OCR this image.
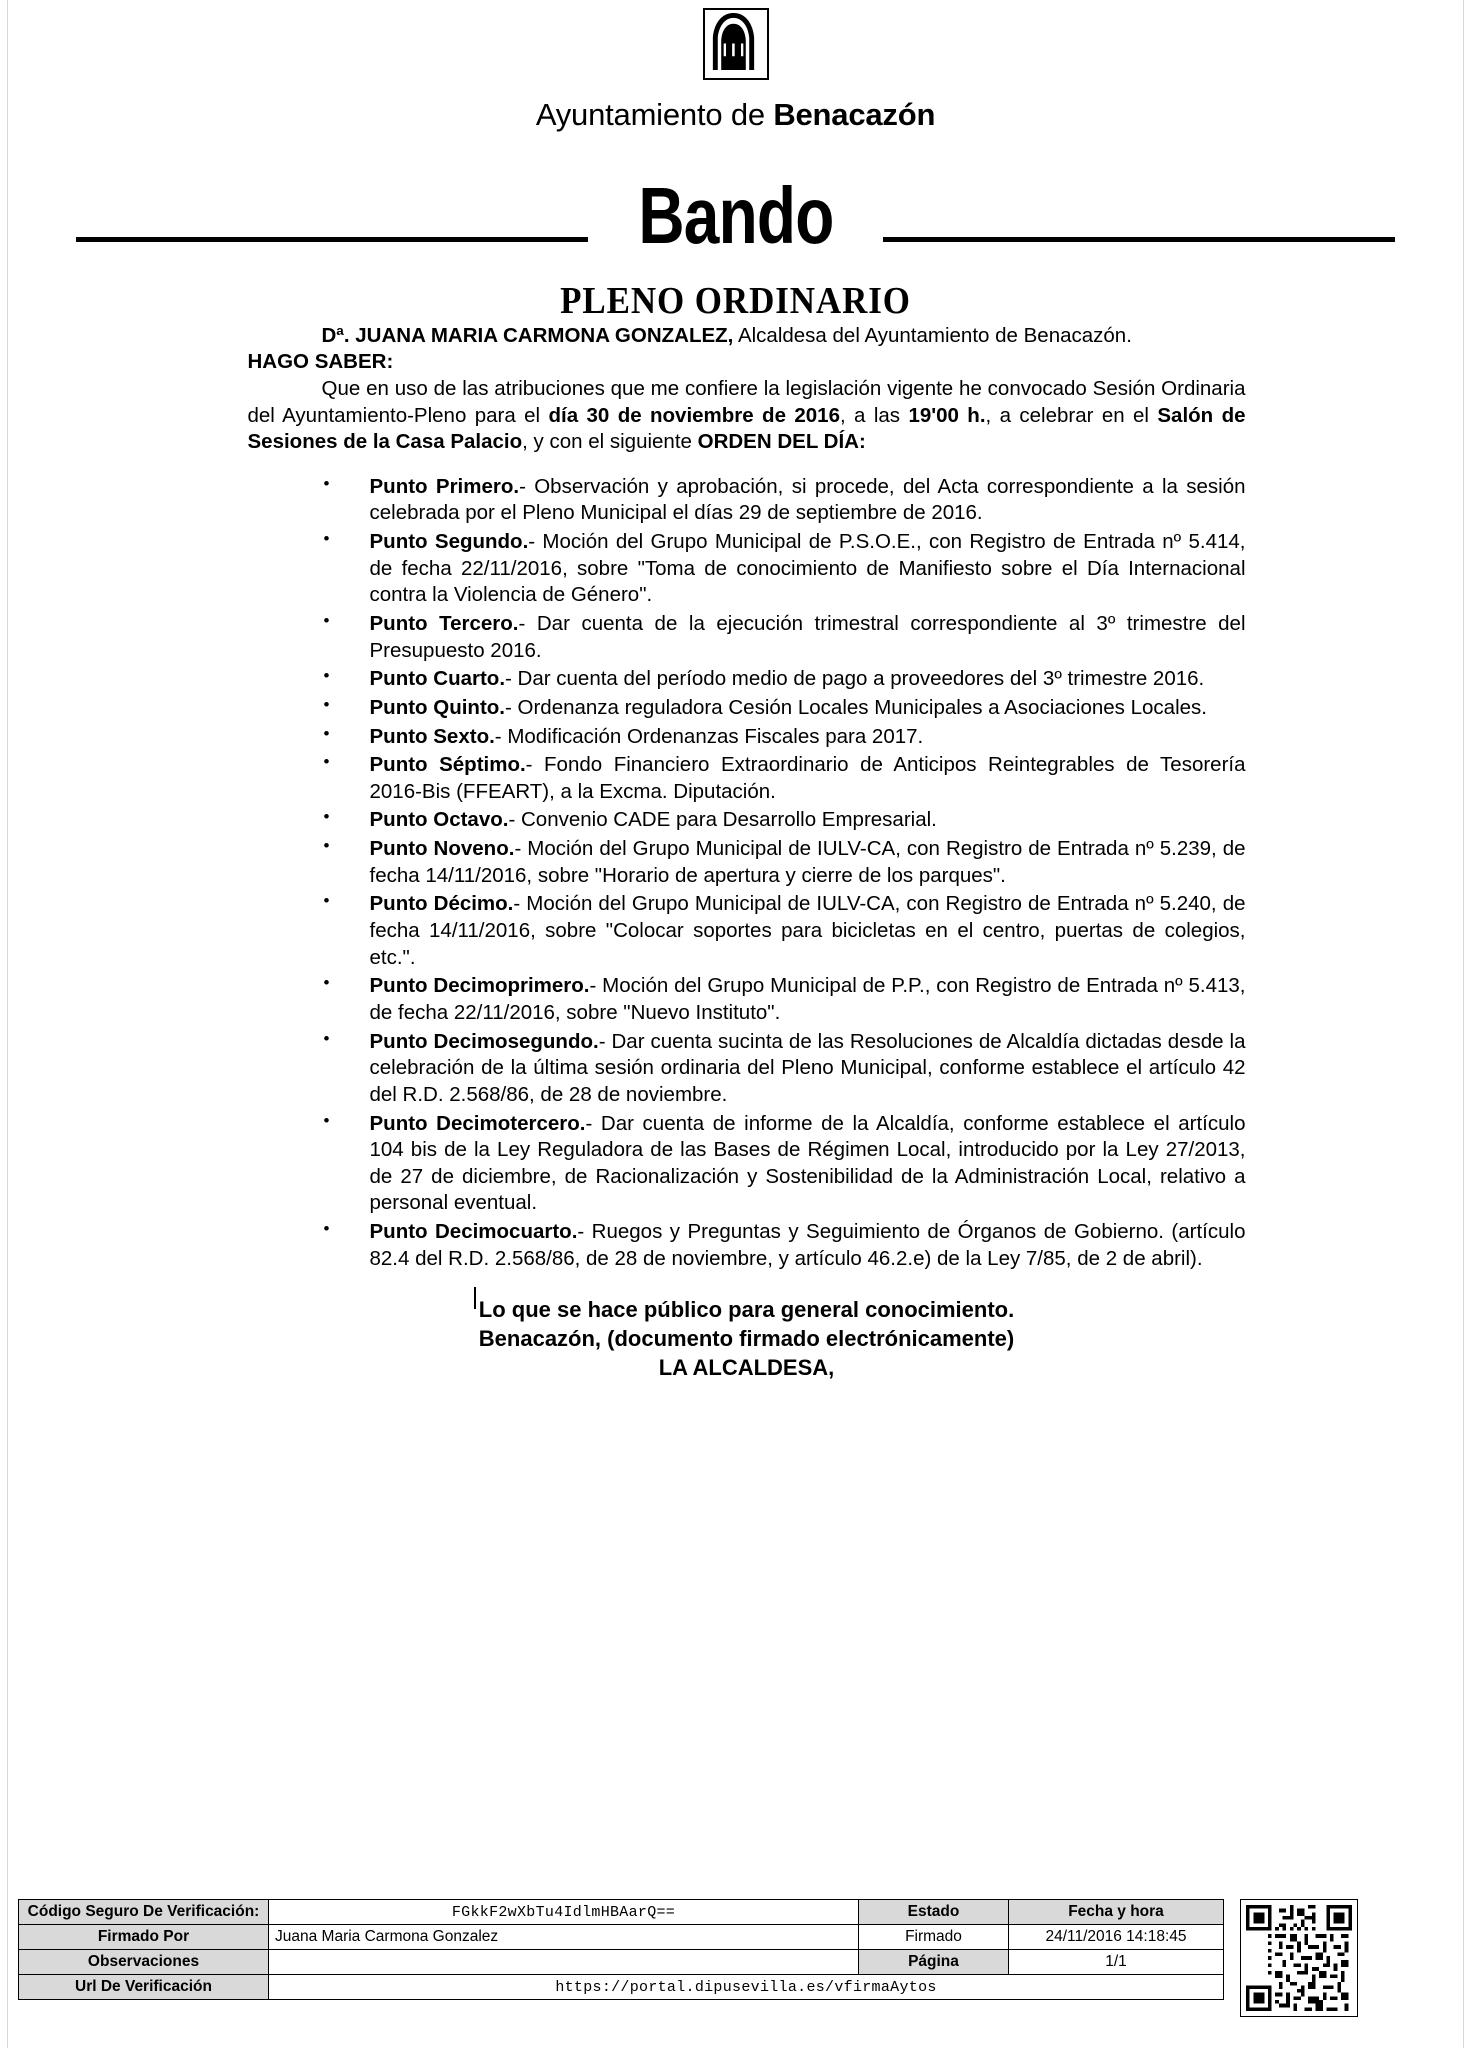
Ayuntamiento de Benacazón
Bando
PLENO ORDINARIO

Dª. JUANA MARIA CARMONA GONZALEZ, Alcaldesa del Ayuntamiento de Benacazón.

HAGO SABER:

Que en uso de las atribuciones que me confiere la legislación vigente he convocado Sesión Ordinaria del Ayuntamiento-Pleno para el día 30 de noviembre de 2016, a las 19'00 h., a celebrar en el Salón de Sesiones de la Casa Palacio, y con el siguiente ORDEN DEL DÍA:

• Punto Primero.- Observación y aprobación, si procede, del Acta correspondiente a la sesión celebrada por el Pleno Municipal el días 29 de septiembre de 2016.
• Punto Segundo.- Moción del Grupo Municipal de P.S.O.E., con Registro de Entrada nº 5.414, de fecha 22/11/2016, sobre "Toma de conocimiento de Manifiesto sobre el Día Internacional contra la Violencia de Género".
• Punto Tercero.- Dar cuenta de la ejecución trimestral correspondiente al 3º trimestre del Presupuesto 2016.
• Punto Cuarto.- Dar cuenta del período medio de pago a proveedores del 3º trimestre 2016.
• Punto Quinto.- Ordenanza reguladora Cesión Locales Municipales a Asociaciones Locales.
• Punto Sexto.- Modificación Ordenanzas Fiscales para 2017.
• Punto Séptimo.- Fondo Financiero Extraordinario de Anticipos Reintegrables de Tesorería 2016-Bis (FFEART), a la Excma. Diputación.
• Punto Octavo.- Convenio CADE para Desarrollo Empresarial.
• Punto Noveno.- Moción del Grupo Municipal de IULV-CA, con Registro de Entrada nº 5.239, de fecha 14/11/2016, sobre "Horario de apertura y cierre de los parques".
• Punto Décimo.- Moción del Grupo Municipal de IULV-CA, con Registro de Entrada nº 5.240, de fecha 14/11/2016, sobre "Colocar soportes para bicicletas en el centro, puertas de colegios, etc.".
• Punto Decimoprimero.- Moción del Grupo Municipal de P.P., con Registro de Entrada nº 5.413, de fecha 22/11/2016, sobre "Nuevo Instituto".
• Punto Decimosegundo.- Dar cuenta sucinta de las Resoluciones de Alcaldía dictadas desde la celebración de la última sesión ordinaria del Pleno Municipal, conforme establece el artículo 42 del R.D. 2.568/86, de 28 de noviembre.
• Punto Decimotercero.- Dar cuenta de informe de la Alcaldía, conforme establece el artículo 104 bis de la Ley Reguladora de las Bases de Régimen Local, introducido por la Ley 27/2013, de 27 de diciembre, de Racionalización y Sostenibilidad de la Administración Local, relativo a personal eventual.
• Punto Decimocuarto.- Ruegos y Preguntas y Seguimiento de Órganos de Gobierno. (artículo 82.4 del R.D. 2.568/86, de 28 de noviembre, y artículo 46.2.e) de la Ley 7/85, de 2 de abril).
Lo que se hace público para general conocimiento.
Benacazón, (documento firmado electrónicamente)
LA ALCALDESA,
Código Seguro De Verificación:	FGkkF2wXbTu4IdlmHBAarQ==	Estado	Fecha y hora
Firmado Por	Juana Maria Carmona Gonzalez	Firmado	24/11/2016 14:18:45
Observaciones		Página	1/1
Url De Verificación	https://portal.dipusevilla.es/vfirmaAytos		
